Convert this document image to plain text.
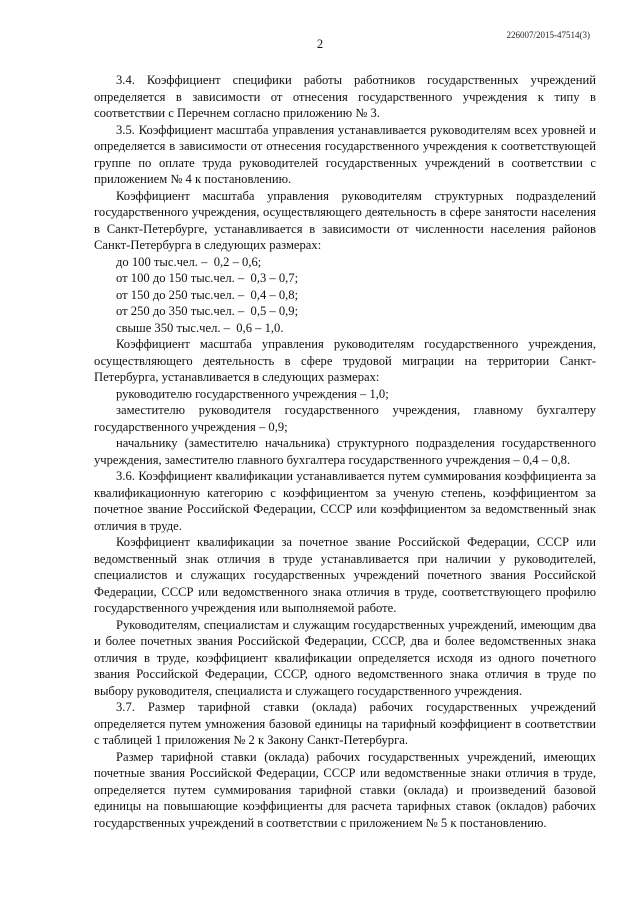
226007/2015-47514(3)
2

3.4. Коэффициент специфики работы работников государственных учреждений определяется в зависимости от отнесения государственного учреждения к типу в соответствии с Перечнем согласно приложению № 3.

3.5. Коэффициент масштаба управления устанавливается руководителям всех уровней и определяется в зависимости от отнесения государственного учреждения к соответствующей группе по оплате труда руководителей государственных учреждений в соответствии с приложением № 4 к постановлению.

Коэффициент масштаба управления руководителям структурных подразделений государственного учреждения, осуществляющего деятельность в сфере занятости населения в Санкт-Петербурге, устанавливается в зависимости от численности населения районов Санкт-Петербурга в следующих размерах:

до 100 тыс.чел. –  0,2 – 0,6;

от 100 до 150 тыс.чел. –  0,3 – 0,7;

от 150 до 250 тыс.чел. –  0,4 – 0,8;

от 250 до 350 тыс.чел. –  0,5 – 0,9;

свыше 350 тыс.чел. –  0,6 – 1,0.

Коэффициент масштаба управления руководителям государственного учреждения, осуществляющего деятельность в сфере трудовой миграции на территории Санкт-Петербурга, устанавливается в следующих размерах:

руководителю государственного учреждения – 1,0;

заместителю руководителя государственного учреждения, главному бухгалтеру государственного учреждения – 0,9;

начальнику (заместителю начальника) структурного подразделения государственного учреждения, заместителю главного бухгалтера государственного учреждения – 0,4 – 0,8.

3.6. Коэффициент квалификации устанавливается путем суммирования коэффициента за квалификационную категорию с коэффициентом за ученую степень, коэффициентом за почетное звание Российской Федерации, СССР или коэффициентом за ведомственный знак отличия в труде.

Коэффициент квалификации за почетное звание Российской Федерации, СССР или ведомственный знак отличия в труде устанавливается при наличии у руководителей, специалистов и служащих государственных учреждений почетного звания Российской Федерации, СССР или ведомственного знака отличия в труде, соответствующего профилю государственного учреждения или выполняемой работе.

Руководителям, специалистам и служащим государственных учреждений, имеющим два и более почетных звания Российской Федерации, СССР, два и более ведомственных знака отличия в труде, коэффициент квалификации определяется исходя из одного почетного звания Российской Федерации, СССР, одного ведомственного знака отличия в труде по выбору руководителя, специалиста и служащего государственного учреждения.

3.7. Размер тарифной ставки (оклада) рабочих государственных учреждений определяется путем умножения базовой единицы на тарифный коэффициент в соответствии с таблицей 1 приложения № 2 к Закону Санкт-Петербурга.

Размер тарифной ставки (оклада) рабочих государственных учреждений, имеющих почетные звания Российской Федерации, СССР или ведомственные знаки отличия в труде, определяется путем суммирования тарифной ставки (оклада) и произведений базовой единицы на повышающие коэффициенты для расчета тарифных ставок (окладов) рабочих государственных учреждений в соответствии с приложением № 5 к постановлению.
